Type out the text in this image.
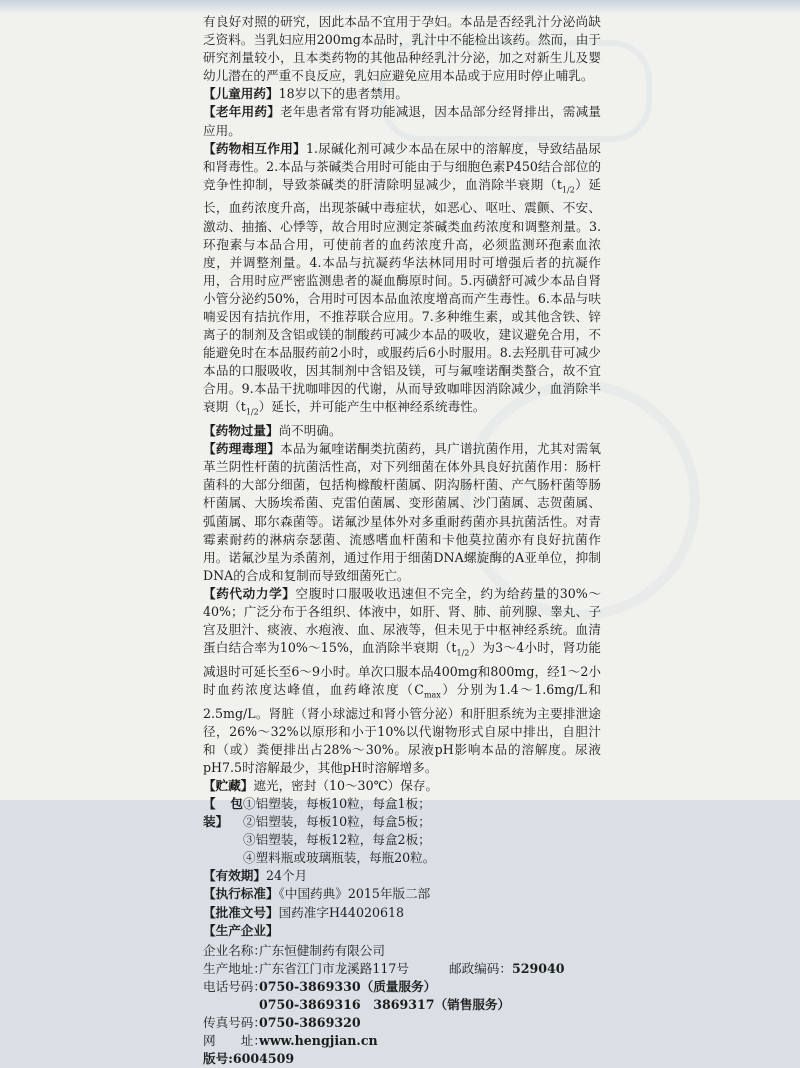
有良好对照的研究，因此本品不宜用于孕妇。本品是否经乳汁分泌尚缺乏资料。当乳妇应用200mg本品时，乳汁中不能检出该药。然而，由于研究剂量较小，且本类药物的其他品种经乳汁分泌，加之对新生儿及婴幼儿潜在的严重不良反应，乳妇应避免应用本品或于应用时停止哺乳。

【儿童用药】18岁以下的患者禁用。

【老年用药】老年患者常有肾功能减退，因本品部分经肾排出，需减量应用。

【药物相互作用】1.尿碱化剂可减少本品在尿中的溶解度，导致结晶尿和肾毒性。2.本品与茶碱类合用时可能由于与细胞色素P450结合部位的竞争性抑制，导致茶碱类的肝清除明显减少，血消除半衰期$(t_{1/2})$延长，血药浓度升高，出现茶碱中毒症状，如恶心、呕吐、震颤、不安、激动、抽搐、心悸等，故合用时应测定茶碱类血药浓度和调整剂量。3.环孢素与本品合用，可使前者的血药浓度升高，必须监测环孢素血浓度，并调整剂量。4.本品与抗凝药华法林同用时可增强后者的抗凝作用，合用时应严密监测患者的凝血酶原时间。5.丙磺舒可减少本品自肾小管分泌约50%，合用时可因本品血浓度增高而产生毒性。6.本品与呋喃妥因有拮抗作用，不推荐联合应用。7.多种维生素，或其他含铁、锌离子的制剂及含铝或镁的制酸药可减少本品的吸收，建议避免合用，不能避免时在本品服药前2小时，或服药后6小时服用。8.去羟肌苷可减少本品的口服吸收，因其制剂中含铝及镁，可与氟喹诺酮类螯合，故不宜合用。9.本品干扰咖啡因的代谢，从而导致咖啡因消除减少，血消除半衰期$(t_{1/2})$延长，并可能产生中枢神经系统毒性。

【药物过量】尚不明确。

【药理毒理】本品为氟喹诺酮类抗菌药，具广谱抗菌作用，尤其对需氧革兰阴性杆菌的抗菌活性高，对下列细菌在体外具良好抗菌作用：肠杆菌科的大部分细菌，包括枸橼酸杆菌属、阴沟肠杆菌、产气肠杆菌等肠杆菌属、大肠埃希菌、克雷伯菌属、变形菌属、沙门菌属、志贺菌属、弧菌属、耶尔森菌等。诺氟沙星体外对多重耐药菌亦具抗菌活性。对青霉素耐药的淋病奈瑟菌、流感嗜血杆菌和卡他莫拉菌亦有良好抗菌作用。诺氟沙星为杀菌剂，通过作用于细菌DNA螺旋酶的A亚单位，抑制DNA的合成和复制而导致细菌死亡。

【药代动力学】空腹时口服吸收迅速但不完全，约为给药量的30%～40%；广泛分布于各组织、体液中，如肝、肾、肺、前列腺、睾丸、子宫及胆汁、痰液、水疱液、血、尿液等，但未见于中枢神经系统。血清蛋白结合率为10%～15%，血消除半衰期$(t_{1/2})$为3～4小时，肾功能减退时可延长至6～9小时。单次口服本品400mg和800mg，经1～2小时血药浓度达峰值，血药峰浓度$(C_{max})$分别为1.4～1.6mg/L和2.5mg/L。肾脏（肾小球滤过和肾小管分泌）和肝胆系统为主要排泄途径，26%～32%以原形和小于10%以代谢物形式自尿中排出，自胆汁和（或）粪便排出占28%～30%。尿液pH影响本品的溶解度。尿液pH7.5时溶解最少，其他pH时溶解增多。

【贮藏】遮光，密封（10～30℃）保存。

【包装】
①铝塑装，每板10粒，每盒1板；
②铝塑装，每板10粒，每盒5板；
③铝塑装，每板12粒，每盒2板；
④塑料瓶或玻璃瓶装，每瓶20粒。

【有效期】24个月

【执行标准】《中国药典》2015年版二部

【批准文号】国药准字H44020618

【生产企业】

企业名称：
广东恒健制药有限公司
生产地址：
广东省江门市龙溪路117号	邮政编码： 529040
电话号码：
0750-3869330（质量服务）
0750-3869316　3869317（销售服务）
传真号码：
0750-3869320
网　　址：
www.hengjian.cn
版号:6004509
